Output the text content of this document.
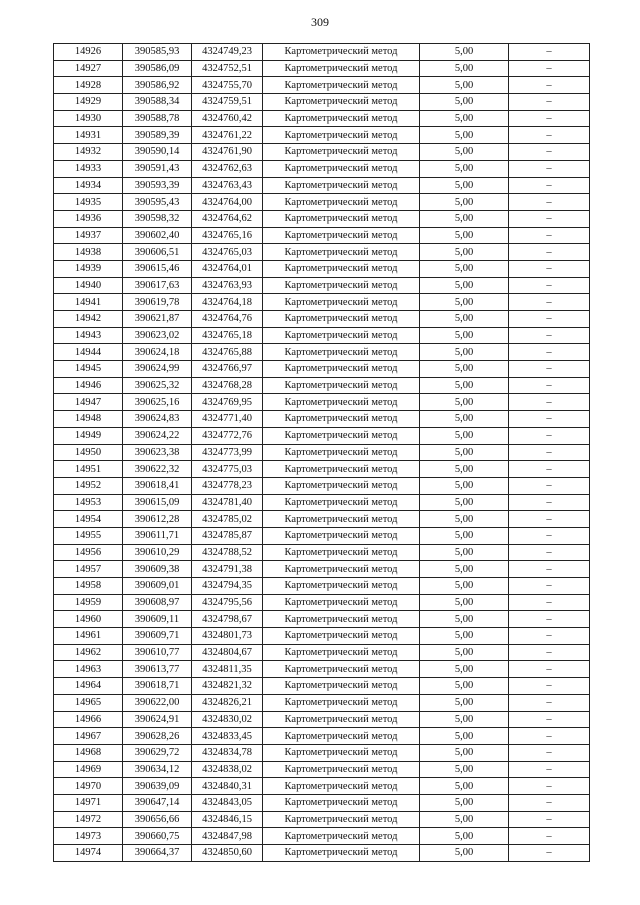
309
14926	390585,93	4324749,23	Картометрический метод	5,00	–
14927	390586,09	4324752,51	Картометрический метод	5,00	–
14928	390586,92	4324755,70	Картометрический метод	5,00	–
14929	390588,34	4324759,51	Картометрический метод	5,00	–
14930	390588,78	4324760,42	Картометрический метод	5,00	–
14931	390589,39	4324761,22	Картометрический метод	5,00	–
14932	390590,14	4324761,90	Картометрический метод	5,00	–
14933	390591,43	4324762,63	Картометрический метод	5,00	–
14934	390593,39	4324763,43	Картометрический метод	5,00	–
14935	390595,43	4324764,00	Картометрический метод	5,00	–
14936	390598,32	4324764,62	Картометрический метод	5,00	–
14937	390602,40	4324765,16	Картометрический метод	5,00	–
14938	390606,51	4324765,03	Картометрический метод	5,00	–
14939	390615,46	4324764,01	Картометрический метод	5,00	–
14940	390617,63	4324763,93	Картометрический метод	5,00	–
14941	390619,78	4324764,18	Картометрический метод	5,00	–
14942	390621,87	4324764,76	Картометрический метод	5,00	–
14943	390623,02	4324765,18	Картометрический метод	5,00	–
14944	390624,18	4324765,88	Картометрический метод	5,00	–
14945	390624,99	4324766,97	Картометрический метод	5,00	–
14946	390625,32	4324768,28	Картометрический метод	5,00	–
14947	390625,16	4324769,95	Картометрический метод	5,00	–
14948	390624,83	4324771,40	Картометрический метод	5,00	–
14949	390624,22	4324772,76	Картометрический метод	5,00	–
14950	390623,38	4324773,99	Картометрический метод	5,00	–
14951	390622,32	4324775,03	Картометрический метод	5,00	–
14952	390618,41	4324778,23	Картометрический метод	5,00	–
14953	390615,09	4324781,40	Картометрический метод	5,00	–
14954	390612,28	4324785,02	Картометрический метод	5,00	–
14955	390611,71	4324785,87	Картометрический метод	5,00	–
14956	390610,29	4324788,52	Картометрический метод	5,00	–
14957	390609,38	4324791,38	Картометрический метод	5,00	–
14958	390609,01	4324794,35	Картометрический метод	5,00	–
14959	390608,97	4324795,56	Картометрический метод	5,00	–
14960	390609,11	4324798,67	Картометрический метод	5,00	–
14961	390609,71	4324801,73	Картометрический метод	5,00	–
14962	390610,77	4324804,67	Картометрический метод	5,00	–
14963	390613,77	4324811,35	Картометрический метод	5,00	–
14964	390618,71	4324821,32	Картометрический метод	5,00	–
14965	390622,00	4324826,21	Картометрический метод	5,00	–
14966	390624,91	4324830,02	Картометрический метод	5,00	–
14967	390628,26	4324833,45	Картометрический метод	5,00	–
14968	390629,72	4324834,78	Картометрический метод	5,00	–
14969	390634,12	4324838,02	Картометрический метод	5,00	–
14970	390639,09	4324840,31	Картометрический метод	5,00	–
14971	390647,14	4324843,05	Картометрический метод	5,00	–
14972	390656,66	4324846,15	Картометрический метод	5,00	–
14973	390660,75	4324847,98	Картометрический метод	5,00	–
14974	390664,37	4324850,60	Картометрический метод	5,00	–
